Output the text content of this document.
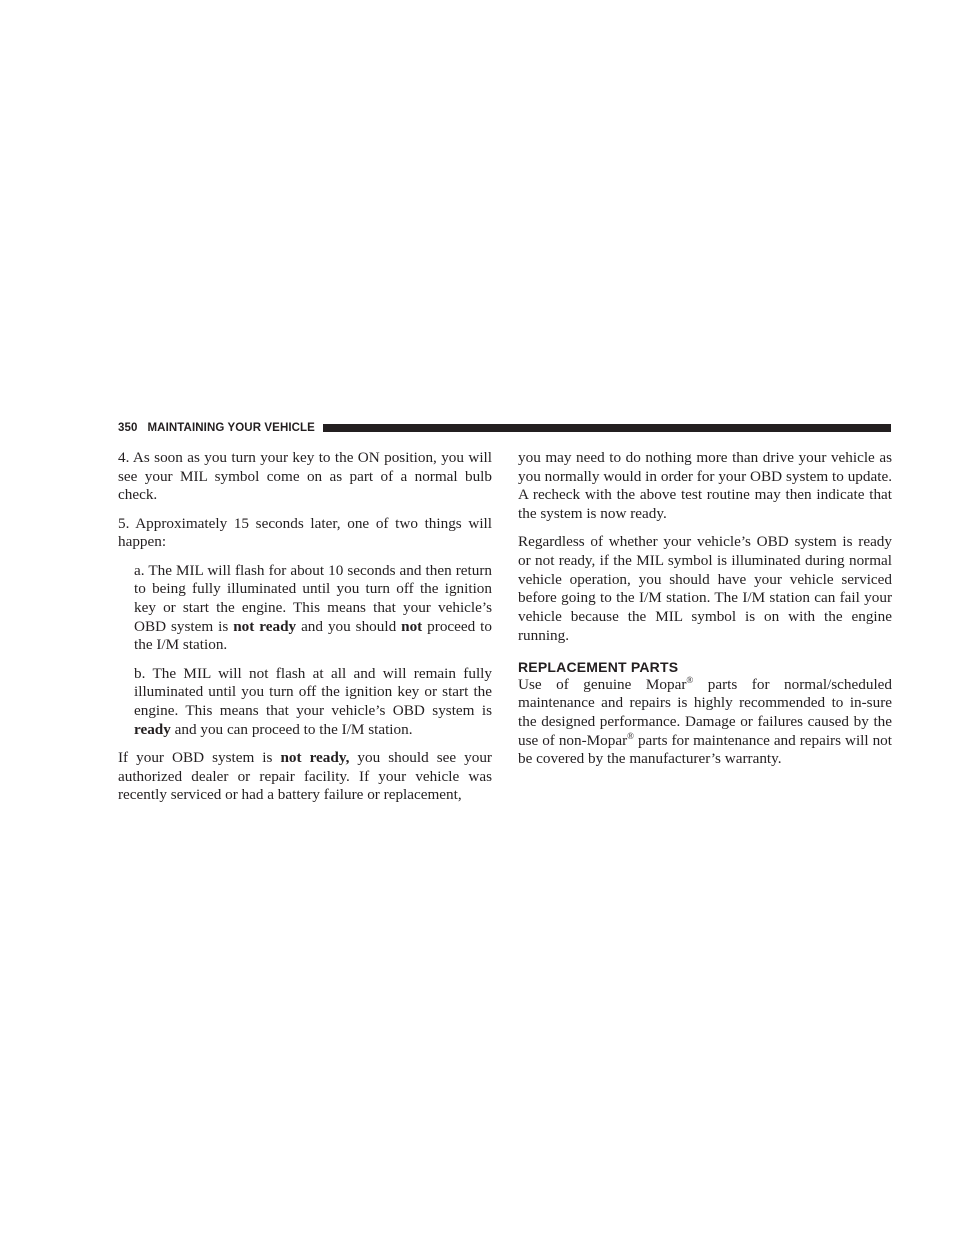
350 MAINTAINING YOUR VEHICLE

4. As soon as you turn your key to the ON position, you will see your MIL symbol come on as part of a normal bulb check.

5. Approximately 15 seconds later, one of two things will happen:

a. The MIL will flash for about 10 seconds and then return to being fully illuminated until you turn off the ignition key or start the engine. This means that your vehicle’s OBD system is not ready and you should not proceed to the I/M station.

b. The MIL will not flash at all and will remain fully illuminated until you turn off the ignition key or start the engine. This means that your vehicle’s OBD system is ready and you can proceed to the I/M station.

If your OBD system is not ready, you should see your authorized dealer or repair facility. If your vehicle was recently serviced or had a battery failure or replacement,

you may need to do nothing more than drive your vehicle as you normally would in order for your OBD system to update. A recheck with the above test routine may then indicate that the system is now ready.

Regardless of whether your vehicle’s OBD system is ready or not ready, if the MIL symbol is illuminated during normal vehicle operation, you should have your vehicle serviced before going to the I/M station. The I/M station can fail your vehicle because the MIL symbol is on with the engine running.

REPLACEMENT PARTS

Use of genuine Mopar® parts for normal/scheduled maintenance and repairs is highly recommended to in-sure the designed performance. Damage or failures caused by the use of non-Mopar® parts for maintenance and repairs will not be covered by the manufacturer’s warranty.
